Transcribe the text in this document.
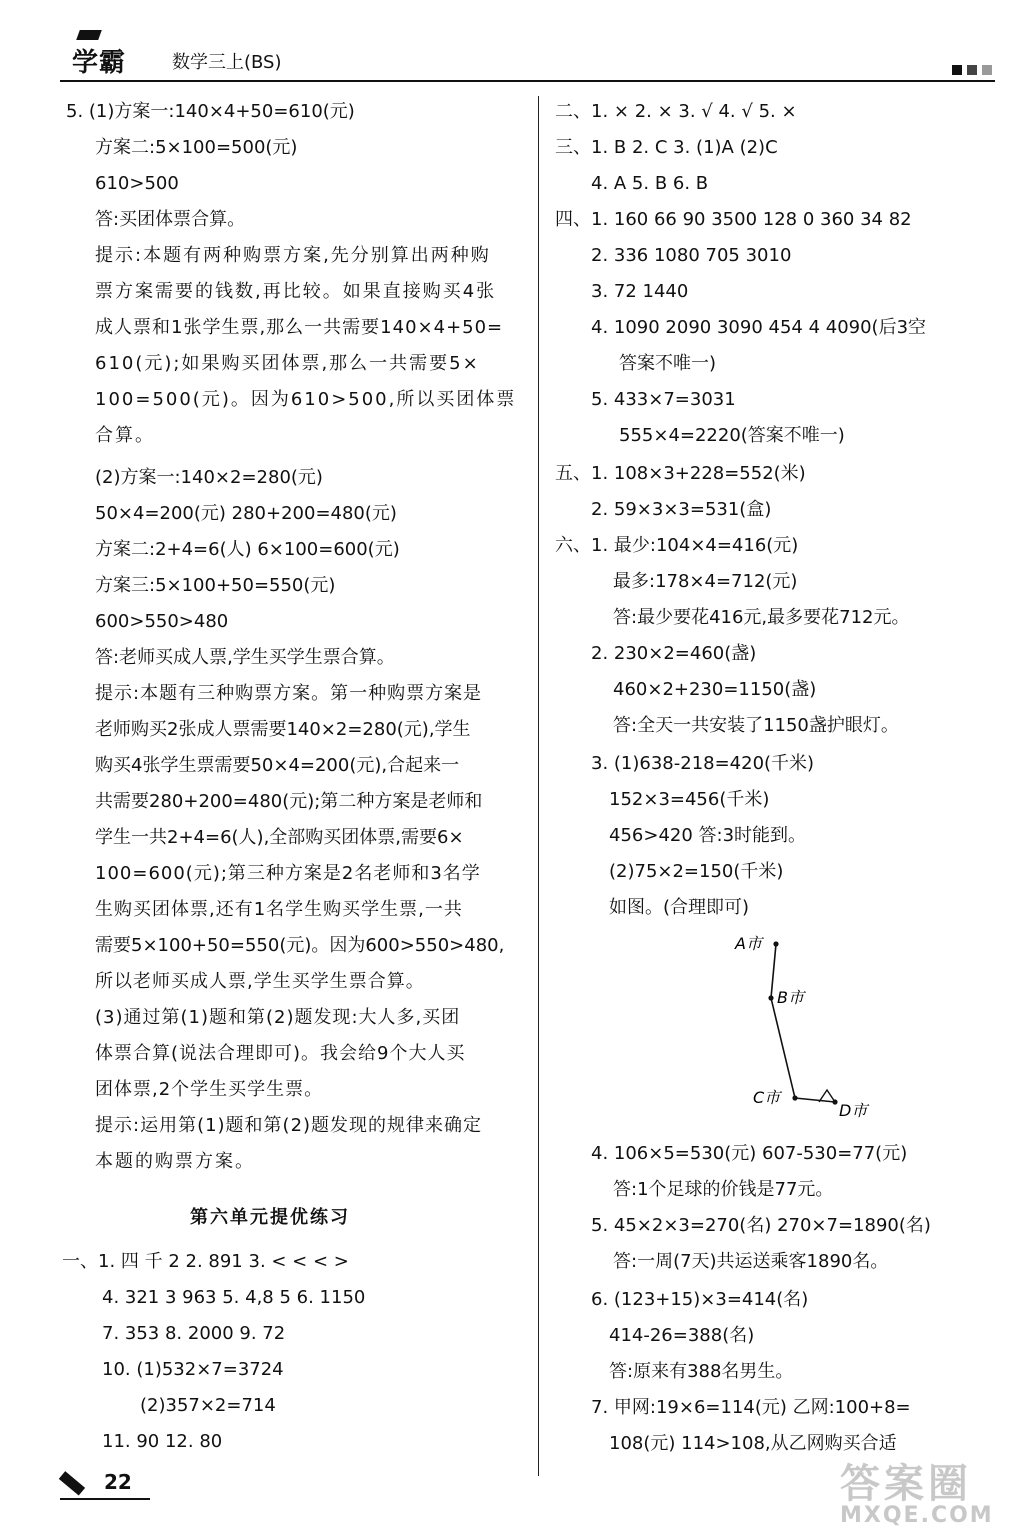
学霸	数学三上(BS)
5. (1)方案一:140×4+50=610(元)
方案二:5×100=500(元)
610>500
答:买团体票合算。
提示:本题有两种购票方案,先分别算出两种购
票方案需要的钱数,再比较。如果直接购买4张
成人票和1张学生票,那么一共需要140×4+50=
610(元);如果购买团体票,那么一共需要5×
100=500(元)。因为610>500,所以买团体票
合算。
(2)方案一:140×2=280(元)
50×4=200(元) 280+200=480(元)
方案二:2+4=6(人) 6×100=600(元)
方案三:5×100+50=550(元)
600>550>480
答:老师买成人票,学生买学生票合算。
提示:本题有三种购票方案。第一种购票方案是
老师购买2张成人票需要140×2=280(元),学生
购买4张学生票需要50×4=200(元),合起来一
共需要280+200=480(元);第二种方案是老师和
学生一共2+4=6(人),全部购买团体票,需要6×
100=600(元);第三种方案是2名老师和3名学
生购买团体票,还有1名学生购买学生票,一共
需要5×100+50=550(元)。因为600>550>480,
所以老师买成人票,学生买学生票合算。
(3)通过第(1)题和第(2)题发现:大人多,买团
体票合算(说法合理即可)。我会给9个大人买
团体票,2个学生买学生票。
提示:运用第(1)题和第(2)题发现的规律来确定
本题的购票方案。
第六单元提优练习
一、1. 四 千 2 2. 891 3. < < < >
4. 321 3 963 5. 4,8 5 6. 1150
7. 353 8. 2000 9. 72
10. (1)532×7=3724
(2)357×2=714
11. 90 12. 80
二、1. × 2. × 3. √ 4. √ 5. ×
三、1. B 2. C 3. (1)A (2)C
4. A 5. B 6. B
四、1. 160 66 90 3500 128 0 360 34 82
2. 336 1080 705 3010
3. 72 1440
4. 1090 2090 3090 454 4 4090(后3空
答案不唯一)
5. 433×7=3031
555×4=2220(答案不唯一)
五、1. 108×3+228=552(米)
2. 59×3×3=531(盒)
六、1. 最少:104×4=416(元)
最多:178×4=712(元)
答:最少要花416元,最多要花712元。
2. 230×2=460(盏)
460×2+230=1150(盏)
答:全天一共安装了1150盏护眼灯。
3. (1)638-218=420(千米)
152×3=456(千米)
456>420 答:3时能到。
(2)75×2=150(千米)
如图。(合理即可)
A市
B市
C市
D市
4. 106×5=530(元) 607-530=77(元)
答:1个足球的价钱是77元。
5. 45×2×3=270(名) 270×7=1890(名)
答:一周(7天)共运送乘客1890名。
6. (123+15)×3=414(名)
414-26=388(名)
答:原来有388名男生。
7. 甲网:19×6=114(元) 乙网:100+8=
108(元) 114>108,从乙网购买合适
22	答案圈
MXQE.COM
